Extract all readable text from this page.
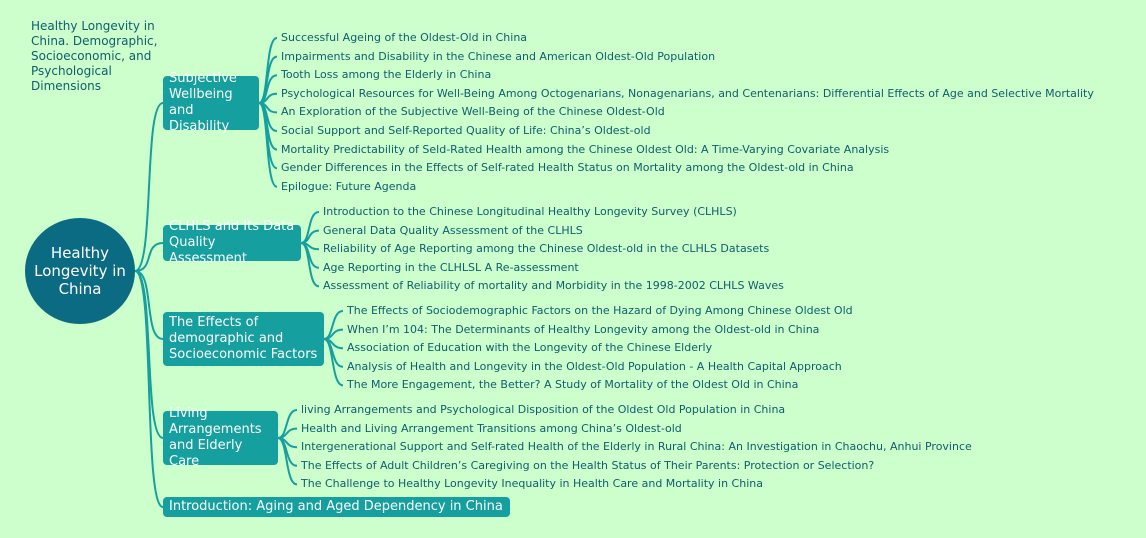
Healthy Longevity in China. Demographic, Socioeconomic, and Psychological Dimensions
Healthy Longevity in China
Subjective Wellbeing and Disability
Successful Ageing of the Oldest-Old in China
Impairments and Disability in the Chinese and American Oldest-Old Population
Tooth Loss among the Elderly in China
Psychological Resources for Well-Being Among Octogenarians, Nonagenarians, and Centenarians: Differential Effects of Age and Selective Mortality
An Exploration of the Subjective Well-Being of the Chinese Oldest-Old
Social Support and Self-Reported Quality of Life: China’s Oldest-old
Mortality Predictability of Seld-Rated Health among the Chinese Oldest Old: A Time-Varying Covariate Analysis
Gender Differences in the Effects of Self-rated Health Status on Mortality among the Oldest-old in China
Epilogue: Future Agenda
CLHLS and Its Data Quality Assessment
Introduction to the Chinese Longitudinal Healthy Longevity Survey (CLHLS)
General Data Quality Assessment of the CLHLS
Reliability of Age Reporting among the Chinese Oldest-old in the CLHLS Datasets
Age Reporting in the CLHLSL A Re-assessment
Assessment of Reliability of mortality and Morbidity in the 1998-2002 CLHLS Waves
The Effects of demographic and Socioeconomic Factors
The Effects of Sociodemographic Factors on the Hazard of Dying Among Chinese Oldest Old
When I’m 104: The Determinants of Healthy Longevity among the Oldest-old in China
Association of Education with the Longevity of the Chinese Elderly
Analysis of Health and Longevity in the Oldest-Old Population - A Health Capital Approach
The More Engagement, the Better? A Study of Mortality of the Oldest Old in China
Living Arrangements and Elderly Care
living Arrangements and Psychological Disposition of the Oldest Old Population in China
Health and Living Arrangement Transitions among China’s Oldest-old
Intergenerational Support and Self-rated Health of the Elderly in Rural China: An Investigation in Chaochu, Anhui Province
The Effects of Adult Children’s Caregiving on the Health Status of Their Parents: Protection or Selection?
The Challenge to Healthy Longevity Inequality in Health Care and Mortality in China
Introduction: Aging and Aged Dependency in China
